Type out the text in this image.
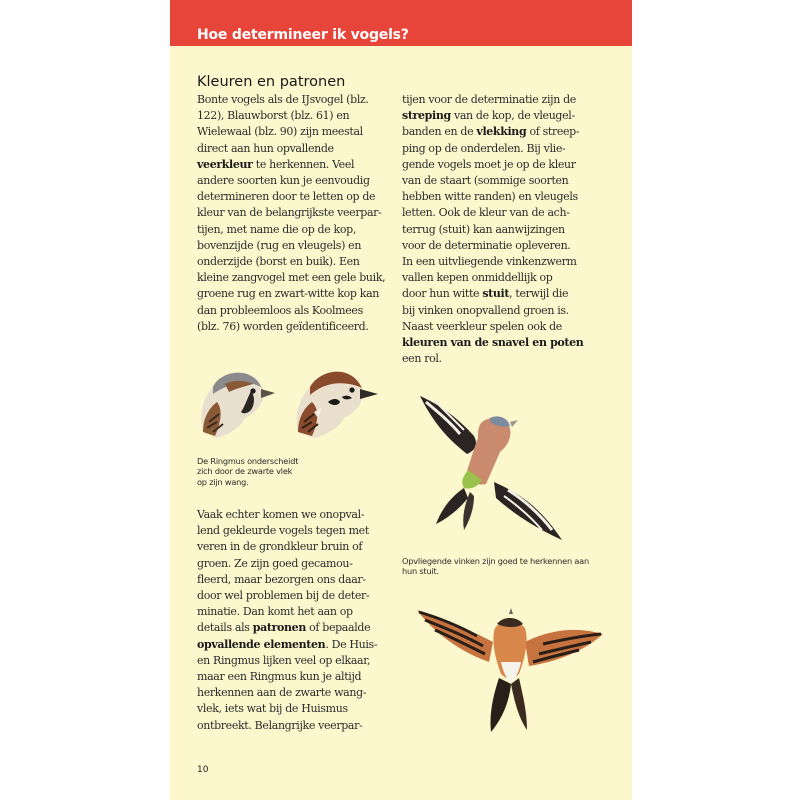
Hoe determineer ik vogels?
Kleuren en patronen
Bonte vogels als de IJsvogel (blz.
122), Blauwborst (blz. 61) en
Wielewaal (blz. 90) zijn meestal
direct aan hun opvallende
veerkleur te herkennen. Veel
andere soorten kun je eenvoudig
determineren door te letten op de
kleur van de belangrijkste veerpar-
tijen, met name die op de kop,
bovenzijde (rug en vleugels) en
onderzijde (borst en buik). Een
kleine zangvogel met een gele buik,
groene rug en zwart-witte kop kan
dan probleemloos als Koolmees
(blz. 76) worden geïdentificeerd.
De Ringmus onderscheidt
zich door de zwarte vlek
op zijn wang.
Vaak echter komen we onopval-
lend gekleurde vogels tegen met
veren in de grondkleur bruin of
groen. Ze zijn goed gecamou-
fleerd, maar bezorgen ons daar-
door wel problemen bij de deter-
minatie. Dan komt het aan op
details als patronen of bepaalde
opvallende elementen. De Huis-
en Ringmus lijken veel op elkaar,
maar een Ringmus kun je altijd
herkennen aan de zwarte wang-
vlek, iets wat bij de Huismus
ontbreekt. Belangrijke veerpar-
tijen voor de determinatie zijn de
streping van de kop, de vleugel-
banden en de vlekking of streep-
ping op de onderdelen. Bij vlie-
gende vogels moet je op de kleur
van de staart (sommige soorten
hebben witte randen) en vleugels
letten. Ook de kleur van de ach-
terrug (stuit) kan aanwijzingen
voor de determinatie opleveren.
In een uitvliegende vinkenzwerm
vallen kepen onmiddellijk op
door hun witte stuit, terwijl die
bij vinken onopvallend groen is.
Naast veerkleur spelen ook de
kleuren van de snavel en poten
een rol.
Opvliegende vinken zijn goed te herkennen aan
hun stuit.
10
